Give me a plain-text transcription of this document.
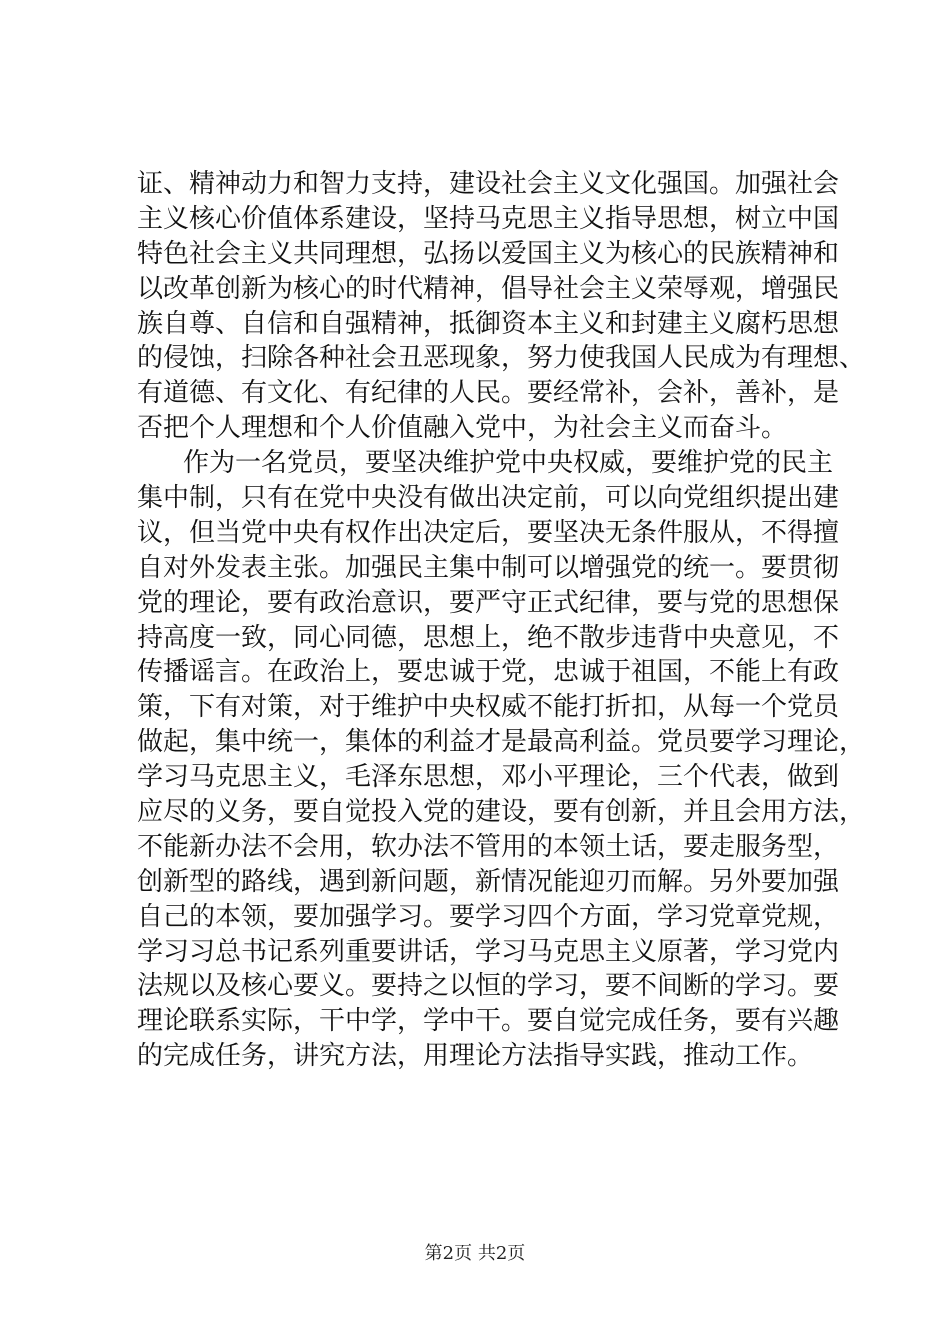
证、精神动力和智力支持，建设社会主义文化强国。加强社会
主义核心价值体系建设，坚持马克思主义指导思想，树立中国
特色社会主义共同理想，弘扬以爱国主义为核心的民族精神和
以改革创新为核心的时代精神，倡导社会主义荣辱观，增强民
族自尊、自信和自强精神，抵御资本主义和封建主义腐朽思想
的侵蚀，扫除各种社会丑恶现象，努力使我国人民成为有理想、
有道德、有文化、有纪律的人民。要经常补，会补，善补，是
否把个人理想和个人价值融入党中，为社会主义而奋斗。
作为一名党员，要坚决维护党中央权威，要维护党的民主
集中制，只有在党中央没有做出决定前，可以向党组织提出建
议，但当党中央有权作出决定后，要坚决无条件服从，不得擅
自对外发表主张。加强民主集中制可以增强党的统一。要贯彻
党的理论，要有政治意识，要严守正式纪律，要与党的思想保
持高度一致，同心同德，思想上，绝不散步违背中央意见，不
传播谣言。在政治上，要忠诚于党，忠诚于祖国，不能上有政
策，下有对策，对于维护中央权威不能打折扣，从每一个党员
做起，集中统一，集体的利益才是最高利益。党员要学习理论，
学习马克思主义，毛泽东思想，邓小平理论，三个代表，做到
应尽的义务，要自觉投入党的建设，要有创新，并且会用方法，
不能新办法不会用，软办法不管用的本领土话，要走服务型，
创新型的路线，遇到新问题，新情况能迎刃而解。另外要加强
自己的本领，要加强学习。要学习四个方面，学习党章党规，
学习习总书记系列重要讲话，学习马克思主义原著，学习党内
法规以及核心要义。要持之以恒的学习，要不间断的学习。要
理论联系实际，干中学，学中干。要自觉完成任务，要有兴趣
的完成任务，讲究方法，用理论方法指导实践，推动工作。
第2页 共2页
